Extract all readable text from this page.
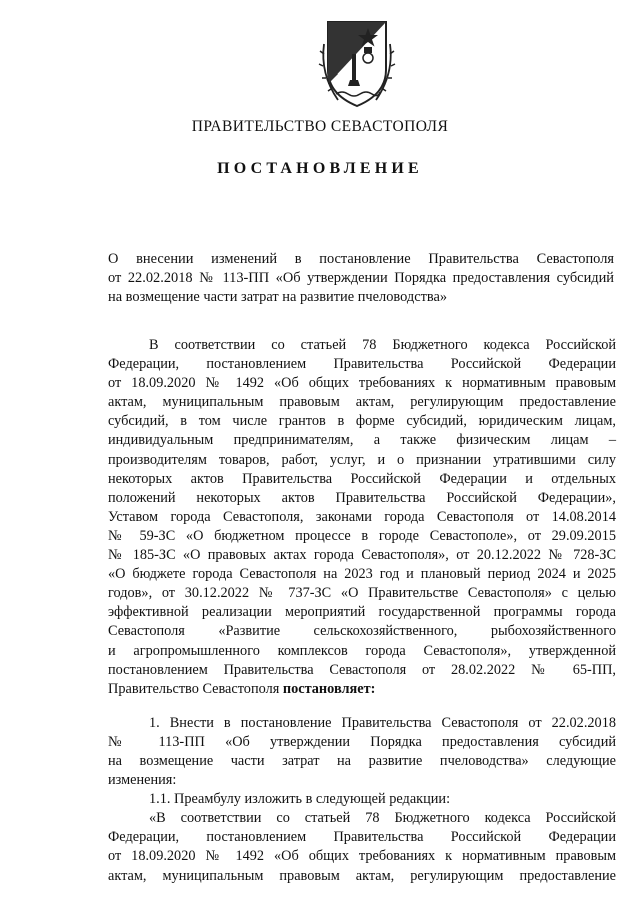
ПРАВИТЕЛЬСТВО СЕВАСТОПОЛЯ
ПОСТАНОВЛЕНИЕ

О внесении изменений в постановление Правительства Севастополя

от 22.02.2018 № 113-ПП «Об утверждении Порядка предоставления субсидий

на возмещение части затрат на развитие пчеловодства»

В соответствии со статьей 78 Бюджетного кодекса Российской

Федерации, постановлением Правительства Российской Федерации

от 18.09.2020 № 1492 «Об общих требованиях к нормативным правовым

актам, муниципальным правовым актам, регулирующим предоставление

субсидий, в том числе грантов в форме субсидий, юридическим лицам,

индивидуальным предпринимателям, а также физическим лицам –

производителям товаров, работ, услуг, и о признании утратившими силу

некоторых актов Правительства Российской Федерации и отдельных

положений некоторых актов Правительства Российской Федерации»,

Уставом города Севастополя, законами города Севастополя от 14.08.2014

№ 59-ЗС «О бюджетном процессе в городе Севастополе», от 29.09.2015

№ 185-ЗС «О правовых актах города Севастополя», от 20.12.2022 № 728-ЗС

«О бюджете города Севастополя на 2023 год и плановый период 2024 и 2025

годов», от 30.12.2022 № 737-ЗС «О Правительстве Севастополя» с целью

эффективной реализации мероприятий государственной программы города

Севастополя «Развитие сельскохозяйственного, рыбохозяйственного

и агропромышленного комплексов города Севастополя», утвержденной

постановлением Правительства Севастополя от 28.02.2022 № 65-ПП,

Правительство Севастополя постановляет:

1. Внести в постановление Правительства Севастополя от 22.02.2018

№ 113-ПП «Об утверждении Порядка предоставления субсидий

на возмещение части затрат на развитие пчеловодства» следующие

изменения:

1.1. Преамбулу изложить в следующей редакции:

«В соответствии со статьей 78 Бюджетного кодекса Российской

Федерации, постановлением Правительства Российской Федерации

от 18.09.2020 № 1492 «Об общих требованиях к нормативным правовым

актам, муниципальным правовым актам, регулирующим предоставление
